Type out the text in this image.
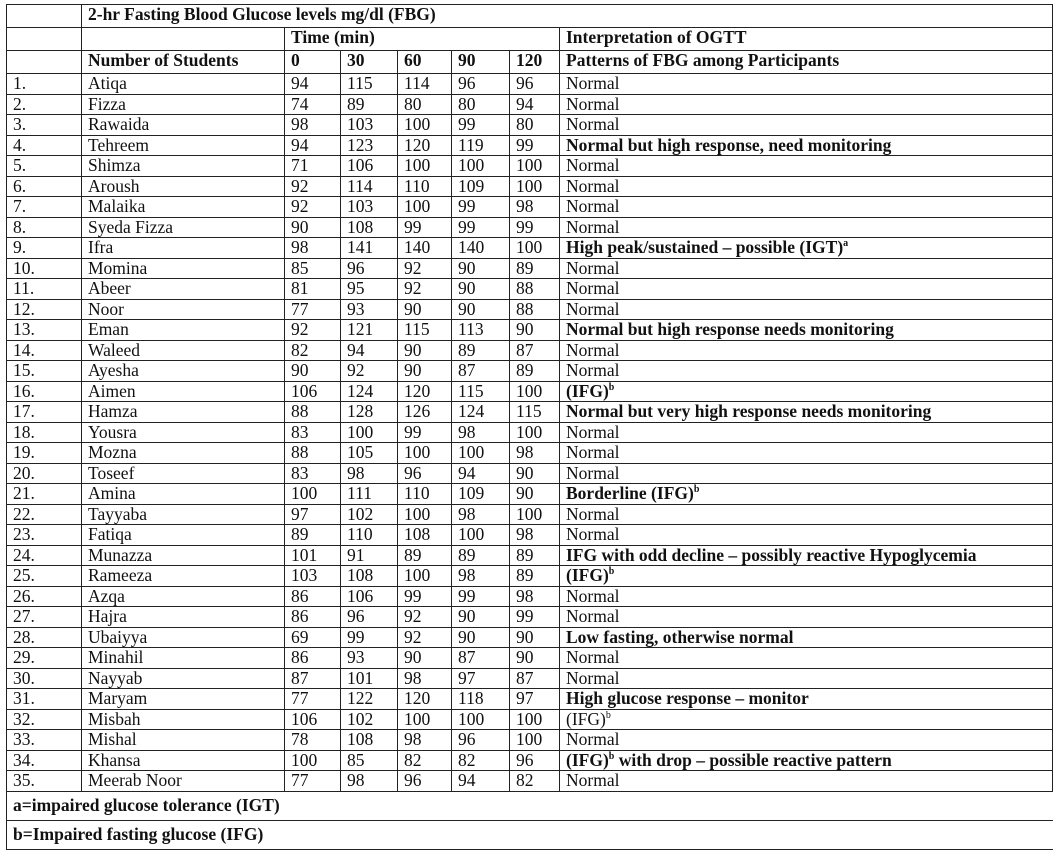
	2-hr Fasting Blood Glucose levels mg/dl (FBG)						
		Time (min)					Interpretation of OGTT
	Number of Students	0	30	60	90	120	Patterns of FBG among Participants
1.	Atiqa	94	115	114	96	96	Normal
2.	Fizza	74	89	80	80	94	Normal
3.	Rawaida	98	103	100	99	80	Normal
4.	Tehreem	94	123	120	119	99	Normal but high response, need monitoring
5.	Shimza	71	106	100	100	100	Normal
6.	Aroush	92	114	110	109	100	Normal
7.	Malaika	92	103	100	99	98	Normal
8.	Syeda Fizza	90	108	99	99	99	Normal
9.	Ifra	98	141	140	140	100	High peak/sustained – possible (IGT)$^a$
10.	Momina	85	96	92	90	89	Normal
11.	Abeer	81	95	92	90	88	Normal
12.	Noor	77	93	90	90	88	Normal
13.	Eman	92	121	115	113	90	Normal but high response needs monitoring
14.	Waleed	82	94	90	89	87	Normal
15.	Ayesha	90	92	90	87	89	Normal
16.	Aimen	106	124	120	115	100	(IFG)$^b$
17.	Hamza	88	128	126	124	115	Normal but very high response needs monitoring
18.	Yousra	83	100	99	98	100	Normal
19.	Mozna	88	105	100	100	98	Normal
20.	Toseef	83	98	96	94	90	Normal
21.	Amina	100	111	110	109	90	Borderline (IFG)$^b$
22.	Tayyaba	97	102	100	98	100	Normal
23.	Fatiqa	89	110	108	100	98	Normal
24.	Munazza	101	91	89	89	89	IFG with odd decline – possibly reactive Hypoglycemia
25.	Rameeza	103	108	100	98	89	(IFG)$^b$
26.	Azqa	86	106	99	99	98	Normal
27.	Hajra	86	96	92	90	99	Normal
28.	Ubaiyya	69	99	92	90	90	Low fasting, otherwise normal
29.	Minahil	86	93	90	87	90	Normal
30.	Nayyab	87	101	98	97	87	Normal
31.	Maryam	77	122	120	118	97	High glucose response – monitor
32.	Misbah	106	102	100	100	100	(IFG)$^b$
33.	Mishal	78	108	98	96	100	Normal
34.	Khansa	100	85	82	82	96	(IFG)$^b$ with drop – possible reactive pattern
35.	Meerab Noor	77	98	96	94	82	Normal
a=impaired glucose tolerance (IGT)							
b=Impaired fasting glucose (IFG)							
